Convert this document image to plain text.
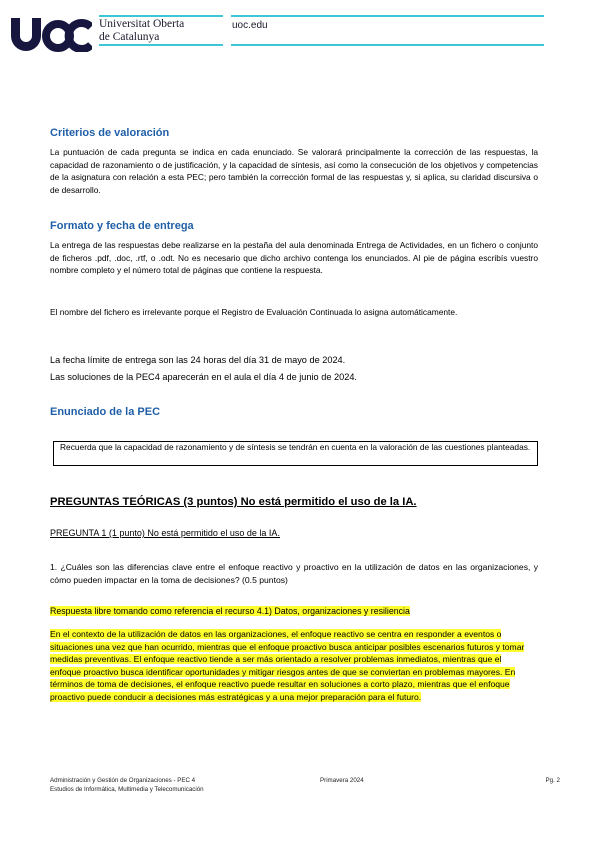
Universitat Oberta
de Catalunya
uoc.edu
Criterios de valoración

La puntuación de cada pregunta se indica en cada enunciado. Se valorará principalmente la corrección de las respuestas, la capacidad de razonamiento o de justificación, y la capacidad de síntesis, así como la consecución de los objetivos y competencias de la asignatura con relación a esta PEC; pero también la corrección formal de las respuestas y, si aplica, su claridad discursiva o de desarrollo.

Formato y fecha de entrega

La entrega de las respuestas debe realizarse en la pestaña del aula denominada Entrega de Actividades, en un fichero o conjunto de ficheros .pdf, .doc, .rtf, o .odt. No es necesario que dicho archivo contenga los enunciados. Al pie de página escribís vuestro nombre completo y el número total de páginas que contiene la respuesta.

El nombre del fichero es irrelevante porque el Registro de Evaluación Continuada lo asigna automáticamente.

La fecha límite de entrega son las 24 horas del día 31 de mayo de 2024.

Las soluciones de la PEC4 aparecerán en el aula el día 4 de junio de 2024.

Enunciado de la PEC
Recuerda que la capacidad de razonamiento y de síntesis se tendrán en cuenta en la valoración de las cuestiones planteadas.
PREGUNTAS TEÓRICAS (3 puntos) No está permitido el uso de la IA.
PREGUNTA 1 (1 punto) No está permitido el uso de la IA.

1. ¿Cuáles son las diferencias clave entre el enfoque reactivo y proactivo en la utilización de datos en las organizaciones, y cómo pueden impactar en la toma de decisiones? (0.5 puntos)

Respuesta libre tomando como referencia el recurso 4.1) Datos, organizaciones y resiliencia
En el contexto de la utilización de datos en las organizaciones, el enfoque reactivo se centra en responder a eventos o situaciones una vez que han ocurrido, mientras que el enfoque proactivo busca anticipar posibles escenarios futuros y tomar medidas preventivas. El enfoque reactivo tiende a ser más orientado a resolver problemas inmediatos, mientras que el enfoque proactivo busca identificar oportunidades y mitigar riesgos antes de que se conviertan en problemas mayores. En términos de toma de decisiones, el enfoque reactivo puede resultar en soluciones a corto plazo, mientras que el enfoque proactivo puede conducir a decisiones más estratégicas y a una mejor preparación para el futuro.
Administración y Gestión de Organizaciones - PEC 4
Estudios de Informática, Multimedia y Telecomunicación
Primavera 2024	Pg. 2
